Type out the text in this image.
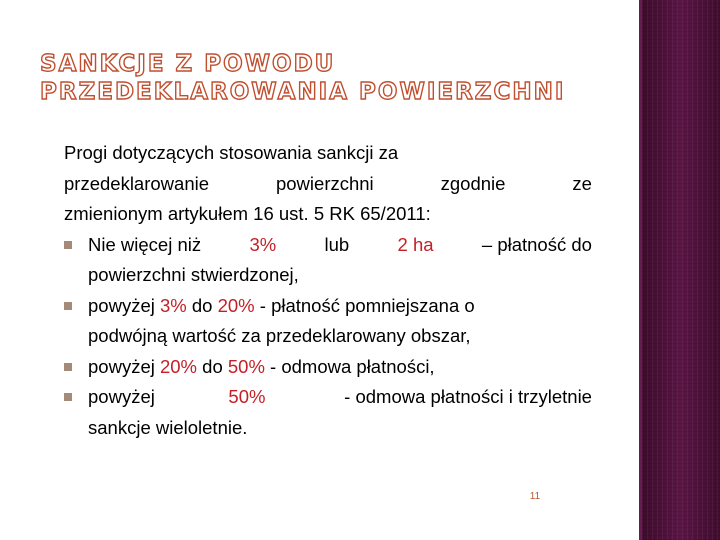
SANKCJE Z POWODU
PRZEDEKLAROWANIA POWIERZCHNI

Progi dotyczących stosowania sankcji za
przedeklarowanie	powierzchni	zgodnie	ze
zmienionym artykułem 16 ust. 5 RK 65/2011:

Nie więcej niż	3%	lub	2 ha	– płatność do
powierzchni stwierdzonej,
powyżej 3% do 20% - płatność pomniejszana o
podwójną wartość za przedeklarowany obszar,
powyżej 20% do 50% - odmowa płatności,
powyżej	50%	- odmowa płatności i trzyletnie
sankcje wieloletnie.
11
